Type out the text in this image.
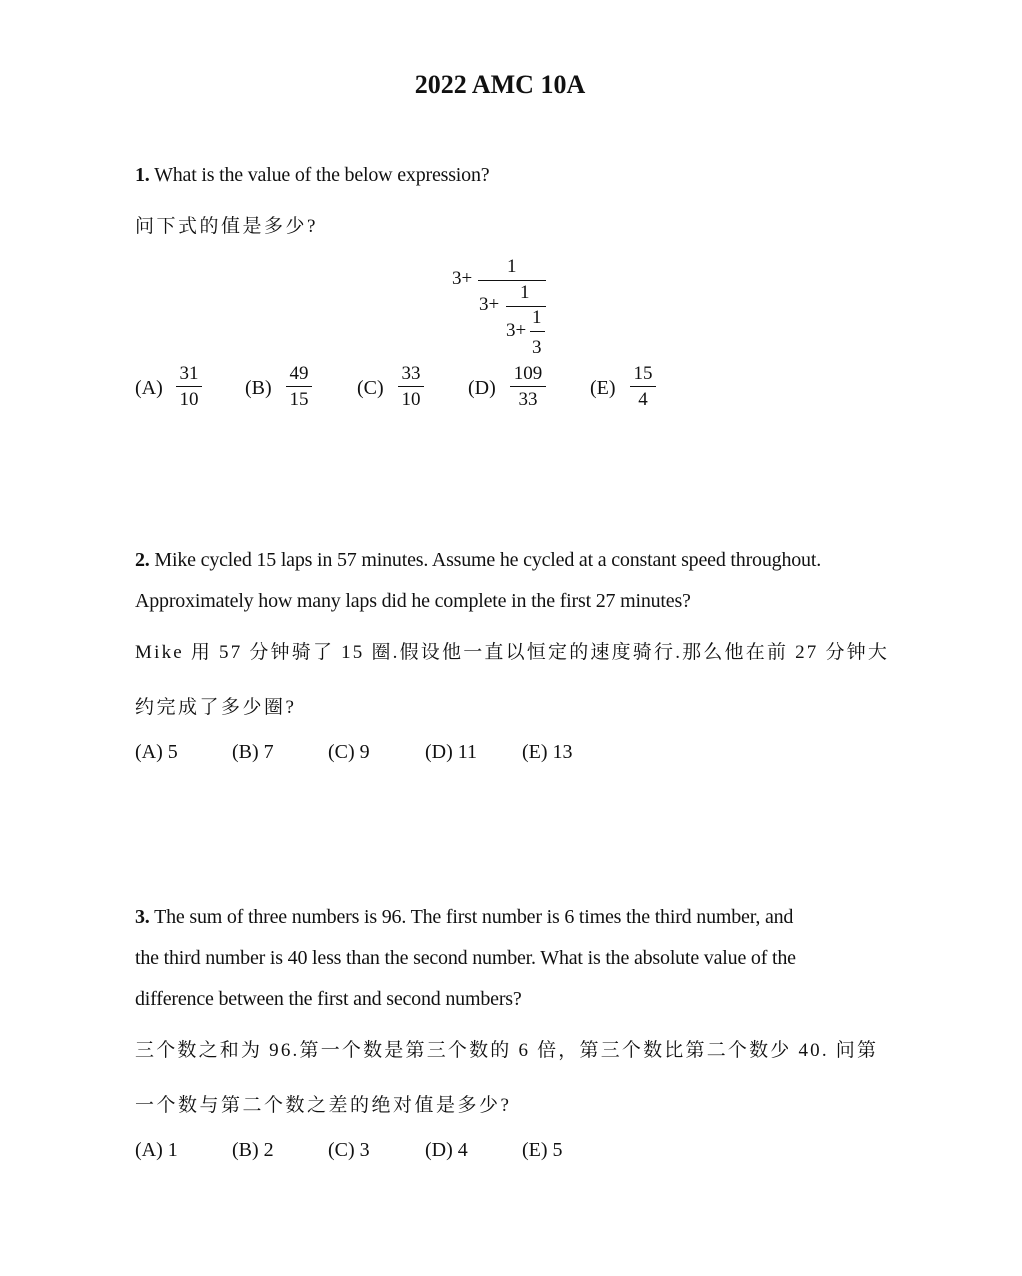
2022 AMC 10A
1. What is the value of the below expression?
问下式的值是多少?
3+
1
3+
1
3+
1
3
$(A) \frac{31}{10} (B) \frac{49}{15} (C) \frac{33}{10} (D) \frac{109}{33} (E) \frac{15}{4}$
2. Mike cycled 15 laps in 57 minutes. Assume he cycled at a constant speed throughout.
Approximately how many laps did he complete in the first 27 minutes?
Mike 用 57 分钟骑了 15 圈.假设他一直以恒定的速度骑行.那么他在前 27 分钟大
约完成了多少圈?
(A) 5	(B) 7	(C) 9	(D) 11 (E) 13
3. The sum of three numbers is 96. The first number is 6 times the third number, and
the third number is 40 less than the second number. What is the absolute value of the
difference between the first and second numbers?
三个数之和为 96.第一个数是第三个数的 6 倍，第三个数比第二个数少 40. 问第
一个数与第二个数之差的绝对值是多少?
(A) 1	(B) 2	(C) 3	(D) 4	(E) 5
